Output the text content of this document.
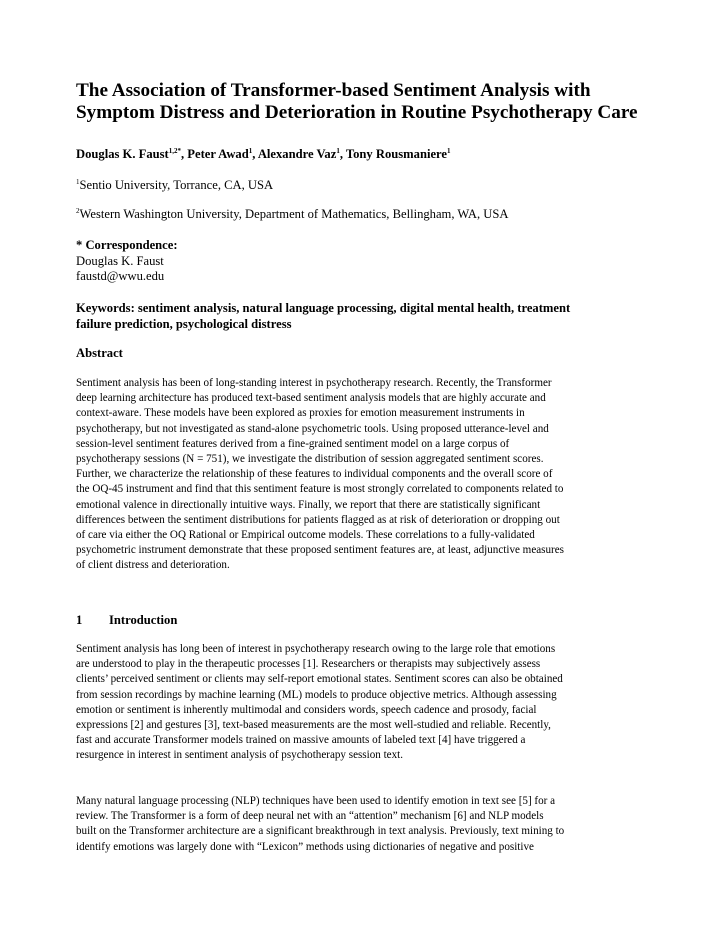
The Association of Transformer-based Sentiment Analysis with
Symptom Distress and Deterioration in Routine Psychotherapy Care
Douglas K. Faust$^{1,2*}$, Peter Awad$^1$, Alexandre Vaz$^1$, Tony Rousmaniere$^1$
$^1$Sentio University, Torrance, CA, USA
$^2$Western Washington University, Department of Mathematics, Bellingham, WA, USA
* Correspondence:
Douglas K. Faust
faustd@wwu.edu
Keywords: sentiment analysis, natural language processing, digital mental health, treatment
failure prediction, psychological distress
Abstract
Sentiment analysis has been of long-standing interest in psychotherapy research. Recently, the Transformer
deep learning architecture has produced text-based sentiment analysis models that are highly accurate and
context-aware. These models have been explored as proxies for emotion measurement instruments in
psychotherapy, but not investigated as stand-alone psychometric tools. Using proposed utterance-level and
session-level sentiment features derived from a fine-grained sentiment model on a large corpus of
psychotherapy sessions (N = 751), we investigate the distribution of session aggregated sentiment scores.
Further, we characterize the relationship of these features to individual components and the overall score of
the OQ-45 instrument and find that this sentiment feature is most strongly correlated to components related to
emotional valence in directionally intuitive ways. Finally, we report that there are statistically significant
differences between the sentiment distributions for patients flagged as at risk of deterioration or dropping out
of care via either the OQ Rational or Empirical outcome models. These correlations to a fully-validated
psychometric instrument demonstrate that these proposed sentiment features are, at least, adjunctive measures
of client distress and deterioration.
1 Introduction
Sentiment analysis has long been of interest in psychotherapy research owing to the large role that emotions
are understood to play in the therapeutic processes [1]. Researchers or therapists may subjectively assess
clients’ perceived sentiment or clients may self-report emotional states. Sentiment scores can also be obtained
from session recordings by machine learning (ML) models to produce objective metrics. Although assessing
emotion or sentiment is inherently multimodal and considers words, speech cadence and prosody, facial
expressions [2] and gestures [3], text-based measurements are the most well-studied and reliable. Recently,
fast and accurate Transformer models trained on massive amounts of labeled text [4] have triggered a
resurgence in interest in sentiment analysis of psychotherapy session text.
Many natural language processing (NLP) techniques have been used to identify emotion in text see [5] for a
review. The Transformer is a form of deep neural net with an “attention” mechanism [6] and NLP models
built on the Transformer architecture are a significant breakthrough in text analysis. Previously, text mining to
identify emotions was largely done with “Lexicon” methods using dictionaries of negative and positive
